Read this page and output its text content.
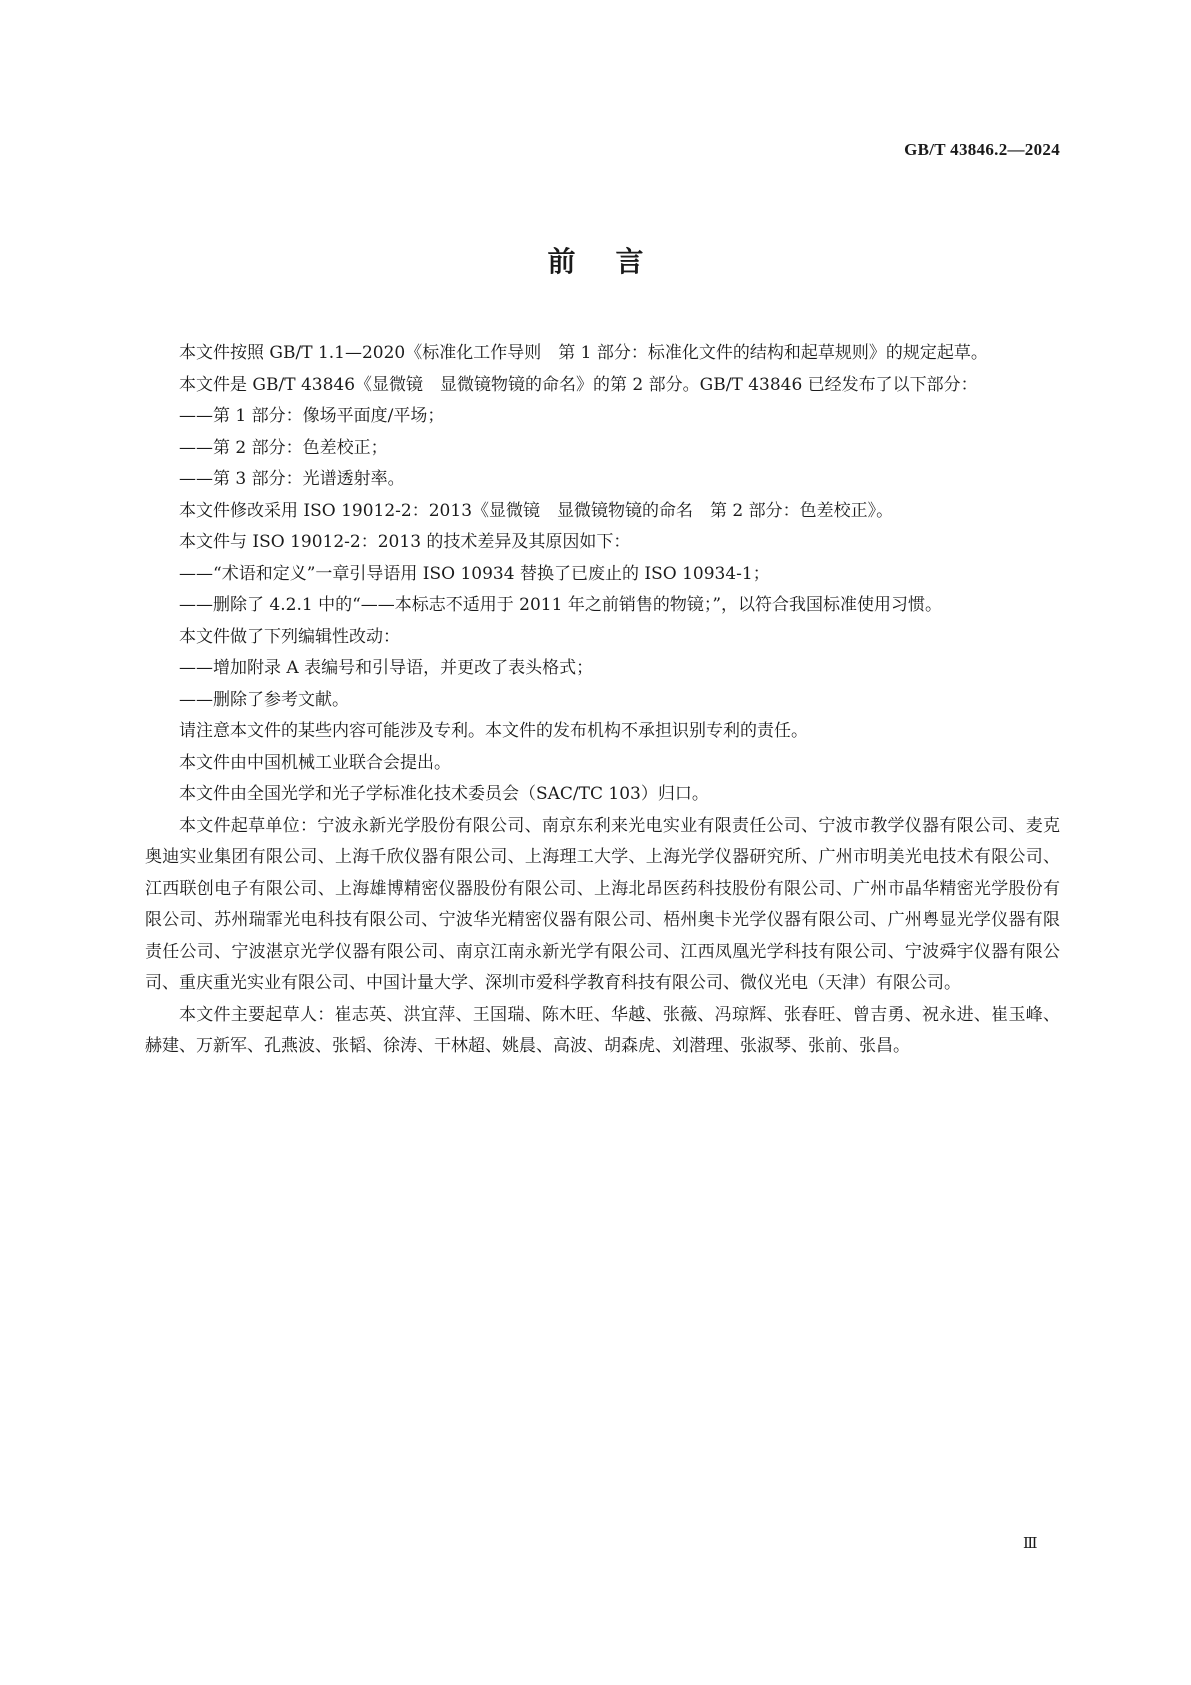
GB/T 43846.2—2024
前言

本文件按照 GB/T 1.1—2020《标准化工作导则　第 1 部分：标准化文件的结构和起草规则》的规定起草。

本文件是 GB/T 43846《显微镜　显微镜物镜的命名》的第 2 部分。GB/T 43846 已经发布了以下部分：

——第 1 部分：像场平面度/平场；

——第 2 部分：色差校正；

——第 3 部分：光谱透射率。

本文件修改采用 ISO 19012-2：2013《显微镜　显微镜物镜的命名　第 2 部分：色差校正》。

本文件与 ISO 19012-2：2013 的技术差异及其原因如下：

——“术语和定义”一章引导语用 ISO 10934 替换了已废止的 ISO 10934-1；

——删除了 4.2.1 中的“——本标志不适用于 2011 年之前销售的物镜；”，以符合我国标准使用习惯。

本文件做了下列编辑性改动：

——增加附录 A 表编号和引导语，并更改了表头格式；

——删除了参考文献。

请注意本文件的某些内容可能涉及专利。本文件的发布机构不承担识别专利的责任。

本文件由中国机械工业联合会提出。

本文件由全国光学和光子学标准化技术委员会（SAC/TC 103）归口。

本文件起草单位：宁波永新光学股份有限公司、南京东利来光电实业有限责任公司、宁波市教学仪器有限公司、麦克奥迪实业集团有限公司、上海千欣仪器有限公司、上海理工大学、上海光学仪器研究所、广州市明美光电技术有限公司、江西联创电子有限公司、上海雄博精密仪器股份有限公司、上海北昂医药科技股份有限公司、广州市晶华精密光学股份有限公司、苏州瑞霏光电科技有限公司、宁波华光精密仪器有限公司、梧州奥卡光学仪器有限公司、广州粤显光学仪器有限责任公司、宁波湛京光学仪器有限公司、南京江南永新光学有限公司、江西凤凰光学科技有限公司、宁波舜宇仪器有限公司、重庆重光实业有限公司、中国计量大学、深圳市爱科学教育科技有限公司、微仪光电（天津）有限公司。

本文件主要起草人：崔志英、洪宜萍、王国瑞、陈木旺、华越、张薇、冯琼辉、张春旺、曾吉勇、祝永进、崔玉峰、赫建、万新军、孔燕波、张韬、徐涛、干林超、姚晨、高波、胡森虎、刘潜理、张淑琴、张前、张昌。

Ⅲ
